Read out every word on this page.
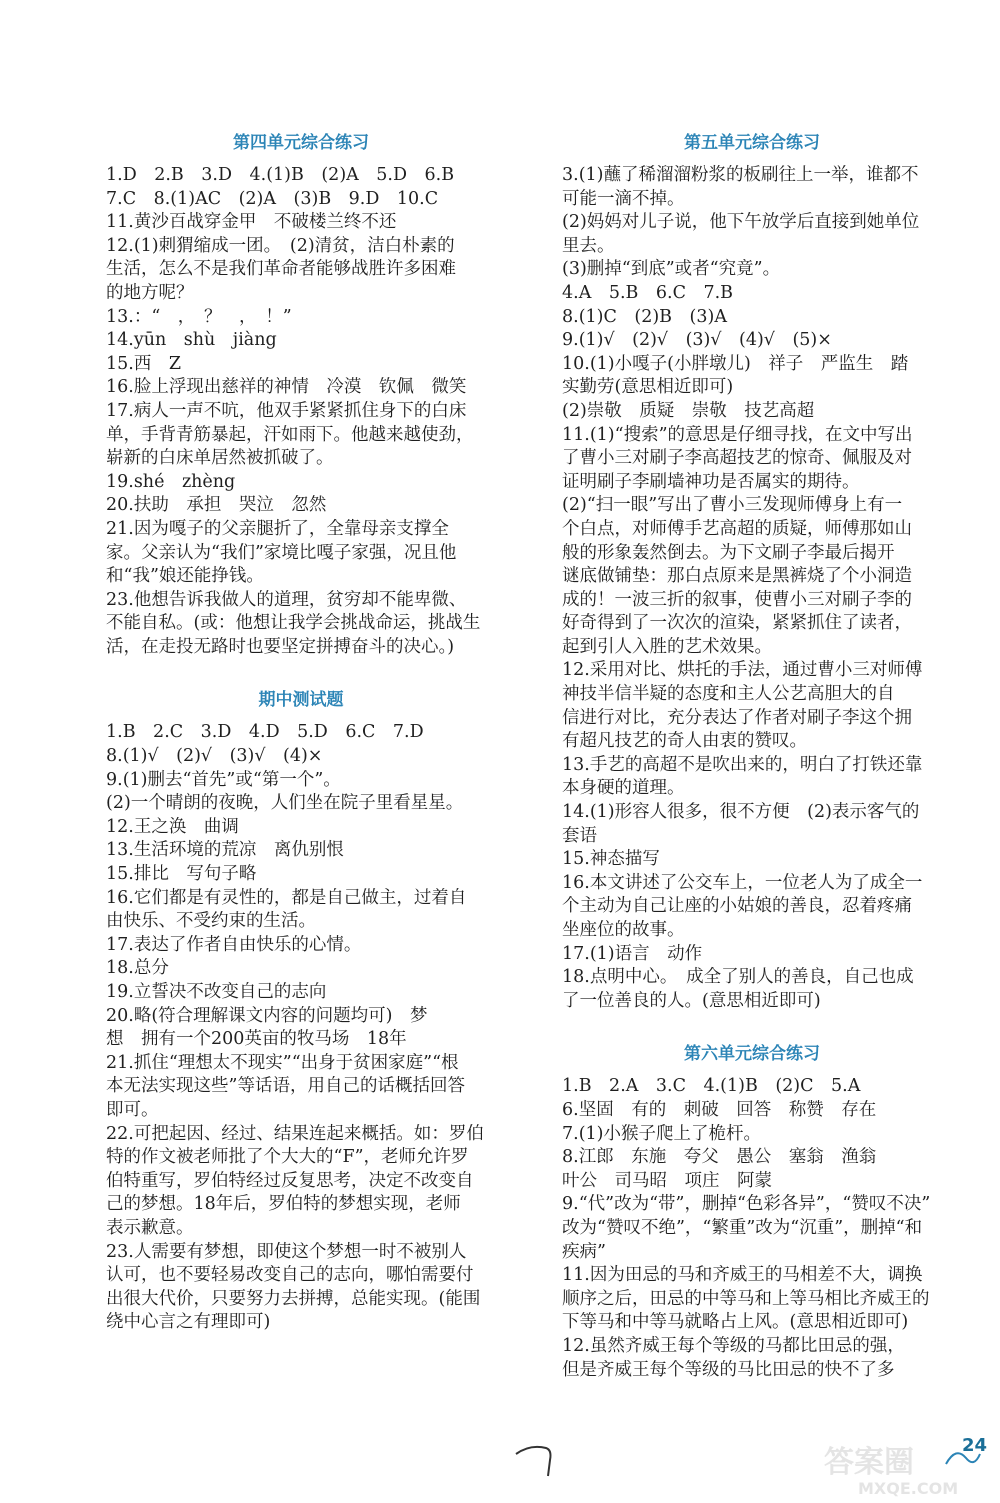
第四单元综合练习
1.D　2.B　3.D　4.(1)B　(2)A　5.D　6.B
7.C　8.(1)AC　(2)A　(3)B　9.D　10.C
11.黄沙百战穿金甲　不破楼兰终不还
12.(1)刺猬缩成一团。　(2)清贫，洁白朴素的
生活，怎么不是我们革命者能够战胜许多困难
的地方呢？
13.：“　，　？　，　！”
14.yūn　shù　jiàng
15.西　Z
16.脸上浮现出慈祥的神情　冷漠　钦佩　微笑
17.病人一声不吭，他双手紧紧抓住身下的白床
单，手背青筋暴起，汗如雨下。他越来越使劲，
崭新的白床单居然被抓破了。
19.shé　zhèng
20.扶助　承担　哭泣　忽然
21.因为嘎子的父亲腿折了，全靠母亲支撑全
家。父亲认为“我们”家境比嘎子家强，况且他
和“我”娘还能挣钱。
23.他想告诉我做人的道理，贫穷却不能卑微、
不能自私。(或：他想让我学会挑战命运，挑战生
活，在走投无路时也要坚定拼搏奋斗的决心。)
期中测试题
1.B　2.C　3.D　4.D　5.D　6.C　7.D
8.(1)√　(2)√　(3)√　(4)×
9.(1)删去“首先”或“第一个”。
(2)一个晴朗的夜晚，人们坐在院子里看星星。
12.王之涣　曲调
13.生活环境的荒凉　离仇别恨
15.排比　写句子略
16.它们都是有灵性的，都是自己做主，过着自
由快乐、不受约束的生活。
17.表达了作者自由快乐的心情。
18.总分
19.立誓决不改变自己的志向
20.略(符合理解课文内容的问题均可)　梦
想　拥有一个200英亩的牧马场　18年
21.抓住“理想太不现实”“出身于贫困家庭”“根
本无法实现这些”等话语，用自己的话概括回答
即可。
22.可把起因、经过、结果连起来概括。如：罗伯
特的作文被老师批了个大大的“F”，老师允许罗
伯特重写，罗伯特经过反复思考，决定不改变自
己的梦想。18年后，罗伯特的梦想实现，老师
表示歉意。
23.人需要有梦想，即使这个梦想一时不被别人
认可，也不要轻易改变自己的志向，哪怕需要付
出很大代价，只要努力去拼搏，总能实现。(能围
绕中心言之有理即可)
第五单元综合练习
3.(1)蘸了稀溜溜粉浆的板刷往上一举，谁都不
可能一滴不掉。
(2)妈妈对儿子说，他下午放学后直接到她单位
里去。
(3)删掉“到底”或者“究竟”。
4.A　5.B　6.C　7.B
8.(1)C　(2)B　(3)A
9.(1)√　(2)√　(3)√　(4)√　(5)×
10.(1)小嘎子(小胖墩儿)　祥子　严监生　踏
实勤劳(意思相近即可)
(2)崇敬　质疑　崇敬　技艺高超
11.(1)“搜索”的意思是仔细寻找，在文中写出
了曹小三对刷子李高超技艺的惊奇、佩服及对
证明刷子李刷墙神功是否属实的期待。
(2)“扫一眼”写出了曹小三发现师傅身上有一
个白点，对师傅手艺高超的质疑，师傅那如山
般的形象轰然倒去。为下文刷子李最后揭开
谜底做铺垫：那白点原来是黑裤烧了个小洞造
成的！一波三折的叙事，使曹小三对刷子李的
好奇得到了一次次的渲染，紧紧抓住了读者，
起到引人入胜的艺术效果。
12.采用对比、烘托的手法，通过曹小三对师傅
神技半信半疑的态度和主人公艺高胆大的自
信进行对比，充分表达了作者对刷子李这个拥
有超凡技艺的奇人由衷的赞叹。
13.手艺的高超不是吹出来的，明白了打铁还靠
本身硬的道理。
14.(1)形容人很多，很不方便　(2)表示客气的
套语
15.神态描写
16.本文讲述了公交车上，一位老人为了成全一
个主动为自己让座的小姑娘的善良，忍着疼痛
坐座位的故事。
17.(1)语言　动作
18.点明中心。　成全了别人的善良，自己也成
了一位善良的人。(意思相近即可)
第六单元综合练习
1.B　2.A　3.C　4.(1)B　(2)C　5.A
6.坚固　有的　刺破　回答　称赞　存在
7.(1)小猴子爬上了桅杆。
8.江郎　东施　夸父　愚公　塞翁　渔翁
叶公　司马昭　项庄　阿蒙
9.“代”改为“带”，删掉“色彩各异”，“赞叹不决”
改为“赞叹不绝”，“繁重”改为“沉重”，删掉“和
疾病”
11.因为田忌的马和齐威王的马相差不大，调换
顺序之后，田忌的中等马和上等马相比齐威王的
下等马和中等马就略占上风。(意思相近即可)
12.虽然齐威王每个等级的马都比田忌的强，
但是齐威王每个等级的马比田忌的快不了多
24
答案圈
MXQE.COM
